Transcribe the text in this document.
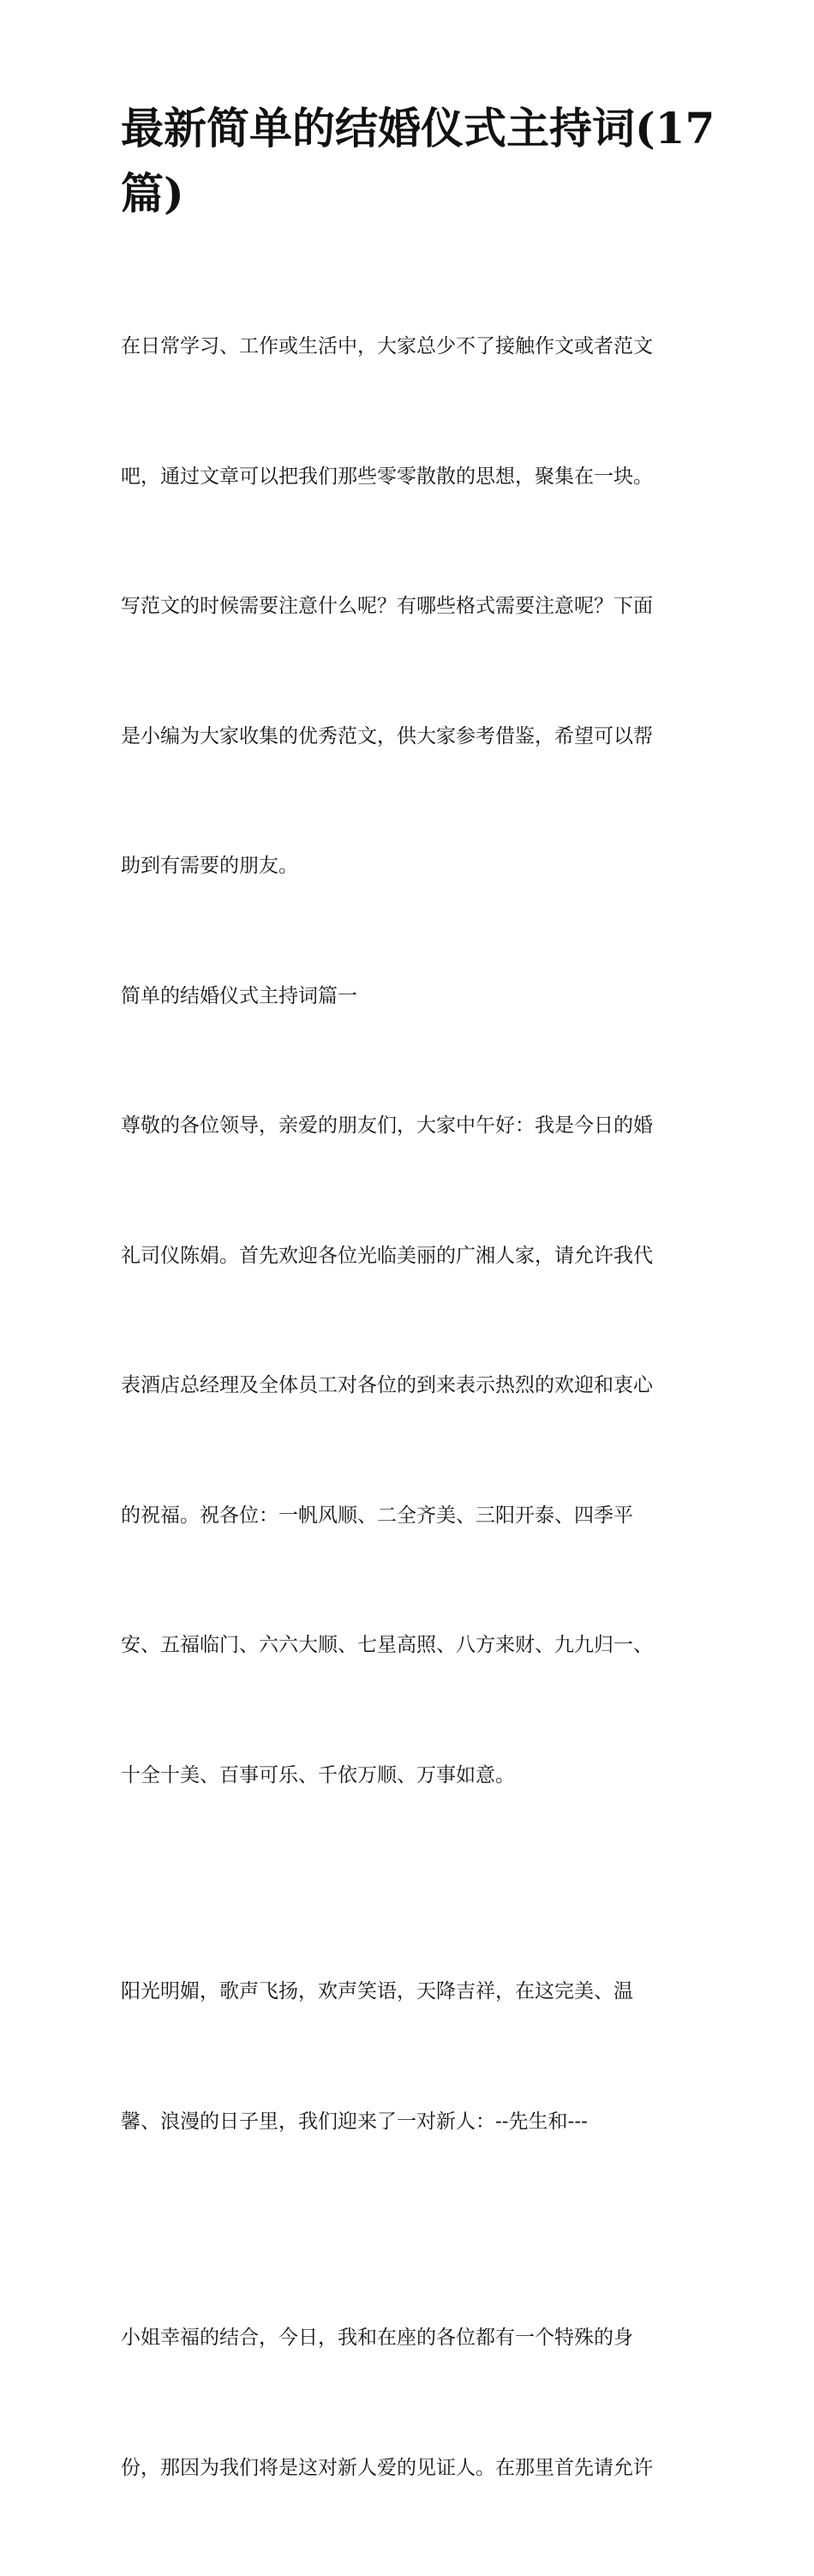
最新简单的结婚仪式主持词(17
篇)

在日常学习、工作或生活中，大家总少不了接触作文或者范文

吧，通过文章可以把我们那些零零散散的思想，聚集在一块。

写范文的时候需要注意什么呢？有哪些格式需要注意呢？下面

是小编为大家收集的优秀范文，供大家参考借鉴，希望可以帮

助到有需要的朋友。

简单的结婚仪式主持词篇一

尊敬的各位领导，亲爱的朋友们，大家中午好：我是今日的婚

礼司仪陈娟。首先欢迎各位光临美丽的广湘人家，请允许我代

表酒店总经理及全体员工对各位的到来表示热烈的欢迎和衷心

的祝福。祝各位：一帆风顺、二全齐美、三阳开泰、四季平

安、五福临门、六六大顺、七星高照、八方来财、九九归一、

十全十美、百事可乐、千依万顺、万事如意。

阳光明媚，歌声飞扬，欢声笑语，天降吉祥，在这完美、温

馨、浪漫的日子里，我们迎来了一对新人：--先生和---

小姐幸福的结合，今日，我和在座的各位都有一个特殊的身

份，那因为我们将是这对新人爱的见证人。在那里首先请允许
